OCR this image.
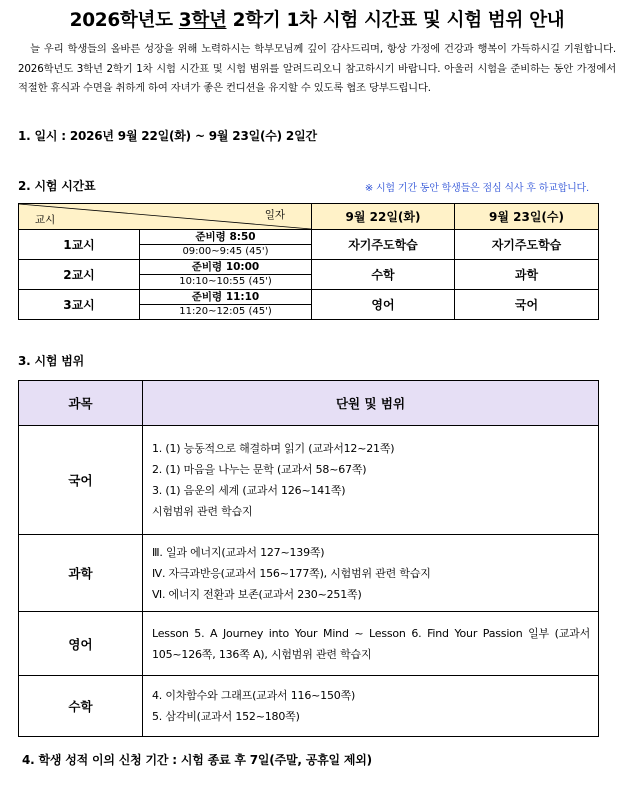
2026학년도 3학년 2학기 1차 시험 시간표 및 시험 범위 안내
늘 우리 학생들의 올바른 성장을 위해 노력하시는 학부모님께 깊이 감사드리며, 항상 가정에 건강과 행복이 가득하시길 기원합니다. 2026학년도 3학년 2학기 1차 시험 시간표 및 시험 범위를 알려드리오니 참고하시기 바랍니다. 아울러 시험을 준비하는 동안 가정에서 적절한 휴식과 수면을 취하게 하여 자녀가 좋은 컨디션을 유지할 수 있도록 협조 당부드립니다.
1. 일시 : 2026년 9월 22일(화) ~ 9월 23일(수) 2일간
2. 시험 시간표	※ 시험 기간 동안 학생들은 점심 식사 후 하교합니다.
일자
교시		9월 22일(화)	9월 23일(수)
1교시	준비령 8:50	자기주도학습	자기주도학습
	09:00~9:45 (45')		
2교시	준비령 10:00	수학	과학
	10:10~10:55 (45')		
3교시	준비령 11:10	영어	국어
	11:20~12:05 (45')		
3. 시험 범위
과목	단원 및 범위
국어	1. (1) 능동적으로 해결하며 읽기 (교과서12~21쪽)
2. (1) 마음을 나누는 문학 (교과서 58~67쪽)
3. (1) 음운의 세계 (교과서 126~141쪽)
시험범위 관련 학습지

과학	Ⅲ. 일과 에너지(교과서 127~139쪽)
Ⅳ. 자극과반응(교과서 156~177쪽), 시험범위 관련 학습지
Ⅵ. 에너지 전환과 보존(교과서 230~251쪽)

영어	Lesson 5. A Journey into Your Mind ~ Lesson 6. Find Your Passion 일부 (교과서 105~126쪽, 136쪽 A), 시험범위 관련 학습지

수학	4. 이차함수와 그래프(교과서 116~150쪽)
5. 삼각비(교과서 152~180쪽)
4. 학생 성적 이의 신청 기간 : 시험 종료 후 7일(주말, 공휴일 제외)
